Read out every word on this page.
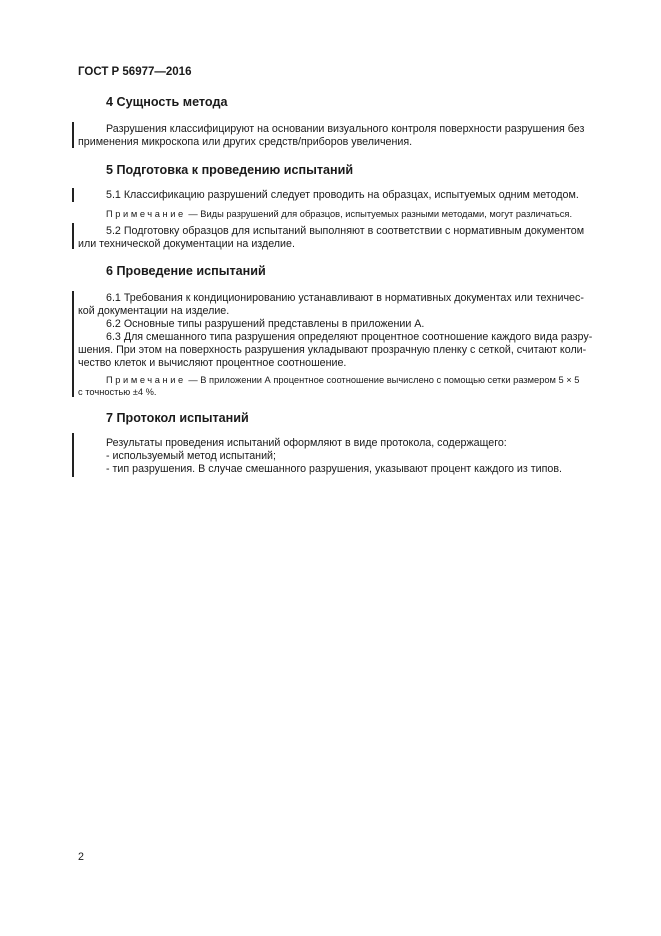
ГОСТ Р 56977—2016
4 Сущность метода
Разрушения классифицируют на основании визуального контроля поверхности разрушения без
применения микроскопа или других средств/приборов увеличения.
5 Подготовка к проведению испытаний
5.1 Классификацию разрушений следует проводить на образцах, испытуемых одним методом.
Примечание — Виды разрушений для образцов, испытуемых разными методами, могут различаться.
5.2 Подготовку образцов для испытаний выполняют в соответствии с нормативным документом
или технической документации на изделие.
6 Проведение испытаний
6.1 Требования к кондиционированию устанавливают в нормативных документах или техничес-
кой документации на изделие.
6.2 Основные типы разрушений представлены в приложении А.
6.3 Для смешанного типа разрушения определяют процентное соотношение каждого вида разру-
шения. При этом на поверхность разрушения укладывают прозрачную пленку с сеткой, считают коли-
чество клеток и вычисляют процентное соотношение.
Примечание — В приложении А процентное соотношение вычислено с помощью сетки размером 5 × 5
с точностью ±4 %.
7 Протокол испытаний
Результаты проведения испытаний оформляют в виде протокола, содержащего:
- используемый метод испытаний;
- тип разрушения. В случае смешанного разрушения, указывают процент каждого из типов.
2
